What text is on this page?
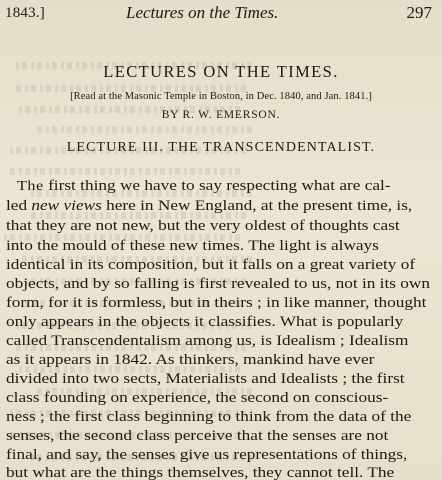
1843.]	Lectures on the Times.	297
LECTURES ON THE TIMES.
[Read at the Masonic Temple in Boston, in Dec. 1840, and Jan. 1841.]
BY R. W. EMERSON.
LECTURE III. THE TRANSCENDENTALIST.
The first thing we have to say respecting what are cal-
led new views here in New England, at the present time, is,
that they are not new, but the very oldest of thoughts cast
into the mould of these new times. The light is always
identical in its composition, but it falls on a great variety of
objects, and by so falling is first revealed to us, not in its own
form, for it is formless, but in theirs ; in like manner, thought
only appears in the objects it classifies. What is popularly
called Transcendentalism among us, is Idealism ; Idealism
as it appears in 1842. As thinkers, mankind have ever
divided into two sects, Materialists and Idealists ; the first
class founding on experience, the second on conscious-
ness ; the first class beginning to think from the data of the
senses, the second class perceive that the senses are not
final, and say, the senses give us representations of things,
but what are the things themselves, they cannot tell. The
